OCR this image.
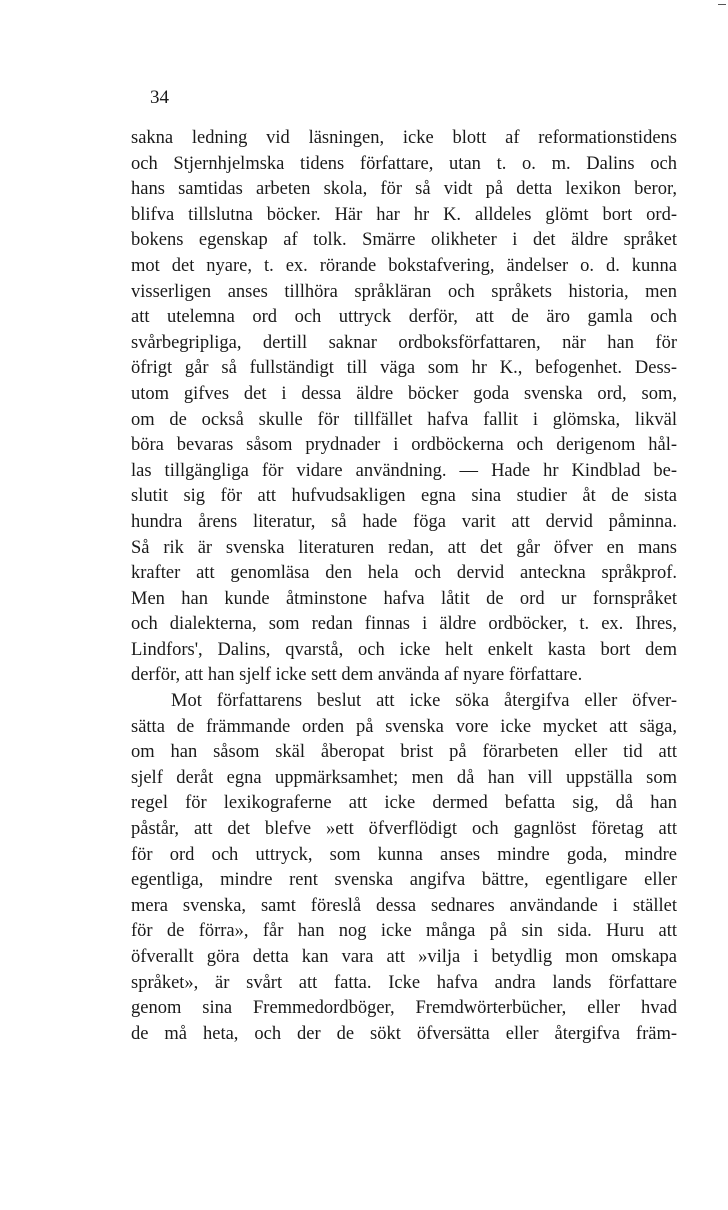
34
sakna ledning vid läsningen, icke blott af reformationstidens
och Stjernhjelmska tidens författare, utan t. o. m. Dalins och
hans samtidas arbeten skola, för så vidt på detta lexikon beror,
blifva tillslutna böcker. Här har hr K. alldeles glömt bort ord-
bokens egenskap af tolk. Smärre olikheter i det äldre språket
mot det nyare, t. ex. rörande bokstafvering, ändelser o. d. kunna
visserligen anses tillhöra språkläran och språkets historia, men
att utelemna ord och uttryck derför, att de äro gamla och
svårbegripliga, dertill saknar ordboksförfattaren, när han för
öfrigt går så fullständigt till väga som hr K., befogenhet. Dess-
utom gifves det i dessa äldre böcker goda svenska ord, som,
om de också skulle för tillfället hafva fallit i glömska, likväl
böra bevaras såsom prydnader i ordböckerna och derigenom hål-
las tillgängliga för vidare användning. — Hade hr Kindblad be-
slutit sig för att hufvudsakligen egna sina studier åt de sista
hundra årens literatur, så hade föga varit att dervid påminna.
Så rik är svenska literaturen redan, att det går öfver en mans
krafter att genomläsa den hela och dervid anteckna språkprof.
Men han kunde åtminstone hafva låtit de ord ur fornspråket
och dialekterna, som redan finnas i äldre ordböcker, t. ex. Ihres,
Lindfors', Dalins, qvarstå, och icke helt enkelt kasta bort dem
derför, att han sjelf icke sett dem använda af nyare författare.
Mot författarens beslut att icke söka återgifva eller öfver-
sätta de främmande orden på svenska vore icke mycket att säga,
om han såsom skäl åberopat brist på förarbeten eller tid att
sjelf deråt egna uppmärksamhet; men då han vill uppställa som
regel för lexikograferne att icke dermed befatta sig, då han
påstår, att det blefve »ett öfverflödigt och gagnlöst företag att
för ord och uttryck, som kunna anses mindre goda, mindre
egentliga, mindre rent svenska angifva bättre, egentligare eller
mera svenska, samt föreslå dessa sednares användande i stället
för de förra», får han nog icke många på sin sida. Huru att
öfverallt göra detta kan vara att »vilja i betydlig mon omskapa
språket», är svårt att fatta. Icke hafva andra lands författare
genom sina Fremmedordböger, Fremdwörterbücher, eller hvad
de må heta, och der de sökt öfversätta eller återgifva främ-
